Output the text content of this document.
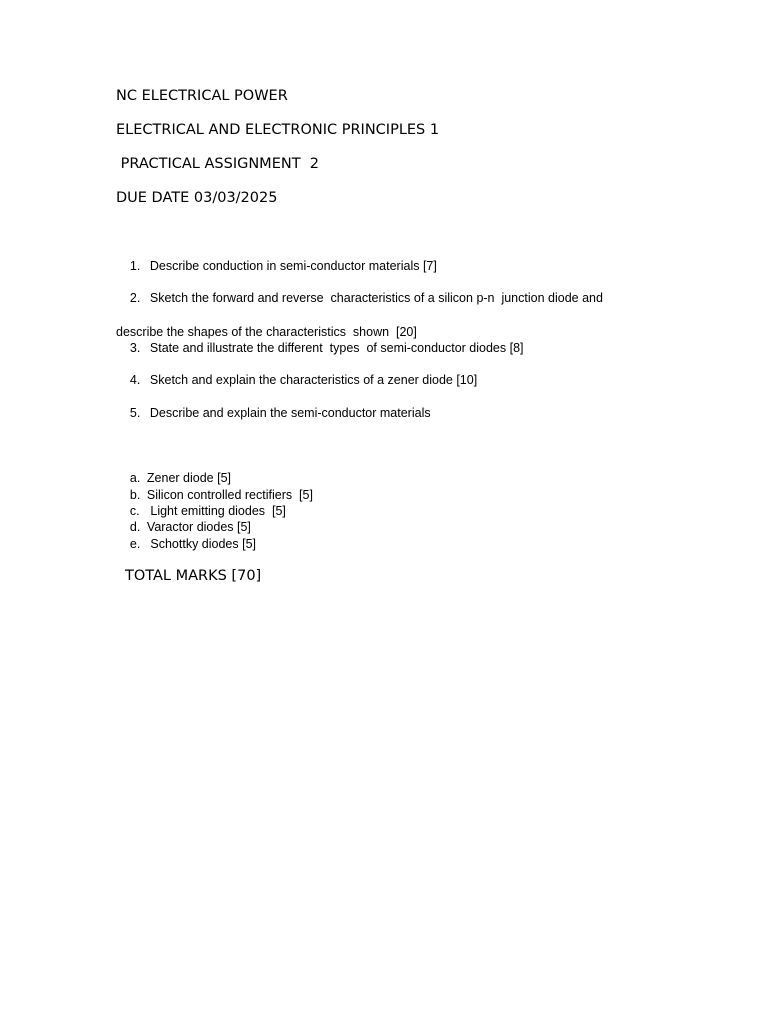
NC ELECTRICAL POWER
ELECTRICAL AND ELECTRONIC PRINCIPLES 1
PRACTICAL ASSIGNMENT  2
DUE DATE 03/03/2025

1. Describe conduction in semi-conductor materials [7]

2. Sketch the forward and reverse  characteristics of a silicon p-n  junction diode and

describe the shapes of the characteristics  shown  [20]

3. State and illustrate the different  types  of semi-conductor diodes [8]

4. Sketch and explain the characteristics of a zener diode [10]

5. Describe and explain the semi-conductor materials

a. Zener diode [5]

b. Silicon controlled rectifiers  [5]

c. Light emitting diodes  [5]

d. Varactor diodes [5]

e. Schottky diodes [5]

TOTAL MARKS [70]
